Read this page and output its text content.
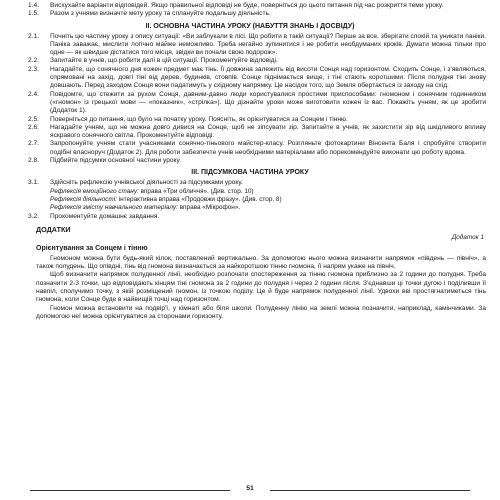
1.4.	Висхухайте варіанти відповідей. Якщо правильної відповіді не буде, поверніться до цього питання під час розкриття теми уроку.
1.5.	Разом з учнями визначте мету уроку та сплануйте подальшу діяльність.
ІІ. ОСНОВНА ЧАСТИНА УРОКУ (НАБУТТЯ ЗНАНЬ І ДОСВІДУ)
2.1.	Почніть цю частину уроку з опису ситуації: «Ви заблукали в лісі. Що робити в такій ситуації? Перше за все, зберігати спокій та уникати паніки. Паніка заважає, мислити логічно майже неможливо. Треба негайно зупинитися і не робити необдуманих кроків. Думати можна тільки про одне — як швидше дістатися того місця, звідки ви почали свою подорож».
2.2.	Запитайте в учнів, що робити далі в цій ситуації. Прокоментуйте відповіді.
2.3.	Нагадайте, що сонячного дня кожен предмет має тінь. Її довжина залежить від висоти Сонця над горизонтом. Сходить Сонце, і з'являються, спрямовані на захід, довгі тіні від дерев, будинків, стовпів. Сонце піднімається вище, і тіні стають коротшими. Після полудня тіні знову довшають. Перед заходом Сонця вони падатимуть у східному напрямку. Це насідок того, що Земля обертається із заходу на схід.
2.4.	Повідомте, що стежити за рухом Сонця, давним-давно люди користувалися простими приспособами: гномоном і сонячним годинником («гномон» із грецької мови — «показник», «стрілка»). Що дізнайте уроки може виготовити кожен із вас. Покажіть учням, як це зробити (Додаток 1).
2.5.	Поверніться до питання, що було на початку уроку. Поясніть, як орієнтуватися за Сонцем і тінню.
2.6.	Нагадайте учням, що не можна довго дивися на Сонце, щоб не зіпсувати зір. Запитайте в учнів, як захистити зір від шкідливого впливу яскравого сонячного світла. Прокоментуйте відповіді.
2.7.	Запропонуйте учням стати учасниками сонячно-тіньового майстер-класу. Розгляньте фотокартини Вінсента Баля і спробуйте створити подібні власноруч (Додаток 2). Для роботи забезпечте учнів необхідними матеріалами або порекомендуйте виконати цю роботу вдома.
2.8.	Підбийте підсумки основної частини уроку.
ІІІ. ПІДСУМКОВА ЧАСТИНА УРОКУ
3.1.	Здійсніть рефлексію учнівської діяльності за підсумками уроку.
Рефлексія емоційного стану: вправа «Три обличчя». (Див. стор. 10)
Рефлексія діяльності: інтерактивна вправа «Продовжи фразу». (Див. стор. 8)
Рефлексія змісту навчального матеріалу: вправа «Мікрофон».
3.2.	Прокоментуйте домашнє завдання.
ДОДАТКИ
Додаток 1
Орієнтування за Сонцем і тінню
Гномоном можна бути будь-який кілок, поставлений вертикально. За допомогою нього можна визначити напрямок «південь — північ», а також полудень. Що опівдні, тінь від гномона визначається за найкоротшою тінню гномона, її напрям укаже на північ.
Щоб визначити напрямок полуденної лінії, необхідно розпочати спостереження за тінню гномона приблизно за 2 години до полудня. Треба позначити 2-3 точки, що відповідають кінцям тіні гномона за 2 години до полудня і через 2 години після. З'єднавши ці точки дугою і поділивши її навпіл, сполучимо точку, з якій розміщений гномон, із точкою поділу. Це й буде напрямок полуденної лінії. Удвохи вві простягнатиметься тінь гномона, коли Сонце буде в найвищій точці над горизонтом.
Гномон можна встановити на подвір'ї, у кімнаті або біля школи. Полуденну лінію на землі можна позначити, наприклад, камінчиками. За допомогою неї можна орієнтуватися за сторонами горизонту.
51
